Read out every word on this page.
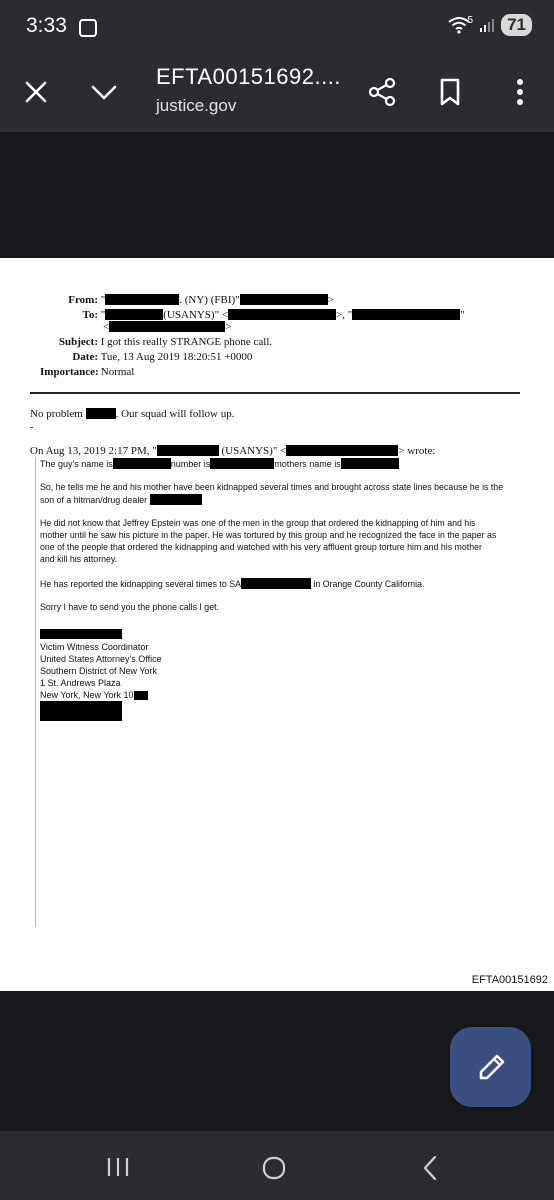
3:33	5	71
EFTA00151692....
justice.gov
From: "	. (NY) (FBI)"	>
To: "	(USANYS)" <	>, "	"
<	>
Subject: I got this really STRANGE phone call.
Date: Tue, 13 Aug 2019 18:20:51 +0000
Importance: Normal
No problem	. Our squad will follow up.
-
On Aug 13, 2019 2:17 PM, "	(USANYS)" <	> wrote:
The guy's name is	number is	mothers name is
So, he tells me he and his mother have been kidnapped several times and brought across state lines because he is the
son of a hitman/drug dealer
He did not know that Jeffrey Epstein was one of the men in the group that ordered the kidnapping of him and his
mother until he saw his picture in the paper. He was tortured by this group and he recognized the face in the paper as
one of the people that ordered the kidnapping and watched with his very affluent group torture him and his mother
and kill his attorney.
He has reported the kidnapping several times to SA	in Orange County California.
Sorry I have to send you the phone calls I get.
Victim Witness Coordinator
United States Attorney's Office
Southern District of New York
1 St. Andrews Plaza
New York, New York 10
EFTA00151692
